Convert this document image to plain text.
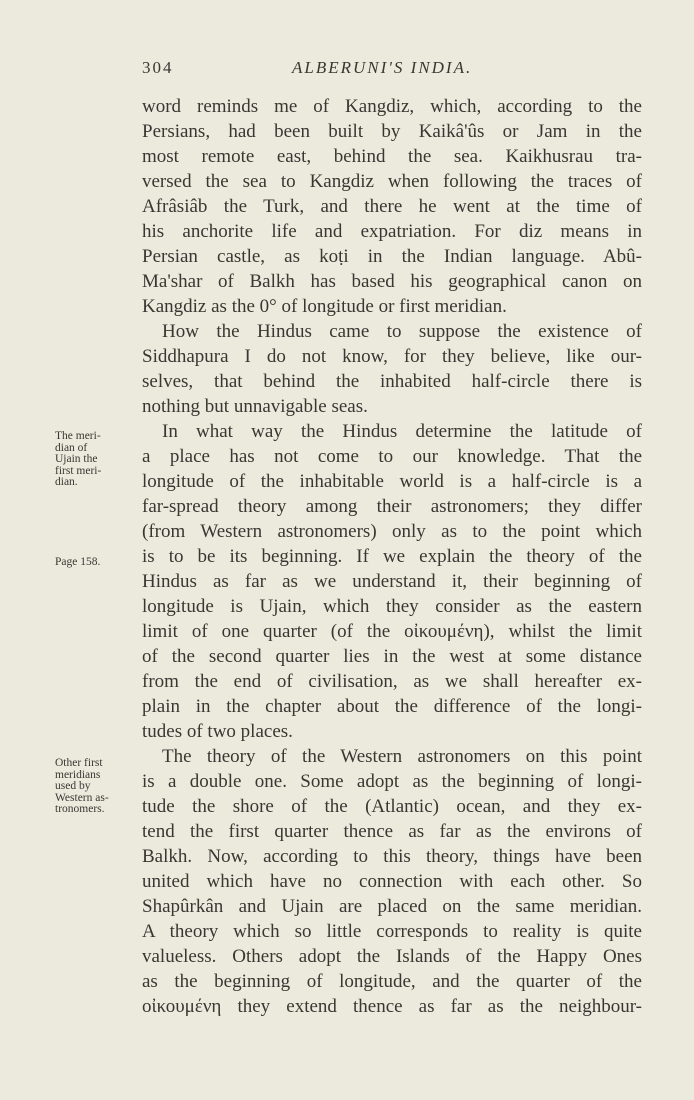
304	ALBERUNI'S INDIA.
word reminds me of Kangdiz, which, according to the
Persians, had been built by Kaikâ'ûs or Jam in the
most remote east, behind the sea. Kaikhusrau tra-
versed the sea to Kangdiz when following the traces of
Afrâsiâb the Turk, and there he went at the time of
his anchorite life and expatriation. For diz means in
Persian castle, as koṭi in the Indian language. Abû-
Ma'shar of Balkh has based his geographical canon on
Kangdiz as the 0° of longitude or first meridian.
How the Hindus came to suppose the existence of
Siddhapura I do not know, for they believe, like our-
selves, that behind the inhabited half-circle there is
nothing but unnavigable seas.
In what way the Hindus determine the latitude of
a place has not come to our knowledge. That the
longitude of the inhabitable world is a half-circle is a
far-spread theory among their astronomers; they differ
(from Western astronomers) only as to the point which
is to be its beginning. If we explain the theory of the
Hindus as far as we understand it, their beginning of
longitude is Ujain, which they consider as the eastern
limit of one quarter (of the οἰκουμένη), whilst the limit
of the second quarter lies in the west at some distance
from the end of civilisation, as we shall hereafter ex-
plain in the chapter about the difference of the longi-
tudes of two places.
The theory of the Western astronomers on this point
is a double one. Some adopt as the beginning of longi-
tude the shore of the (Atlantic) ocean, and they ex-
tend the first quarter thence as far as the environs of
Balkh. Now, according to this theory, things have been
united which have no connection with each other. So
Shapûrkân and Ujain are placed on the same meridian.
A theory which so little corresponds to reality is quite
valueless. Others adopt the Islands of the Happy Ones
as the beginning of longitude, and the quarter of the
οἰκουμένη they extend thence as far as the neighbour-
The meri-
dian of
Ujain the
first meri-
dian.
Page 158.
Other first
meridians
used by
Western as-
tronomers.
